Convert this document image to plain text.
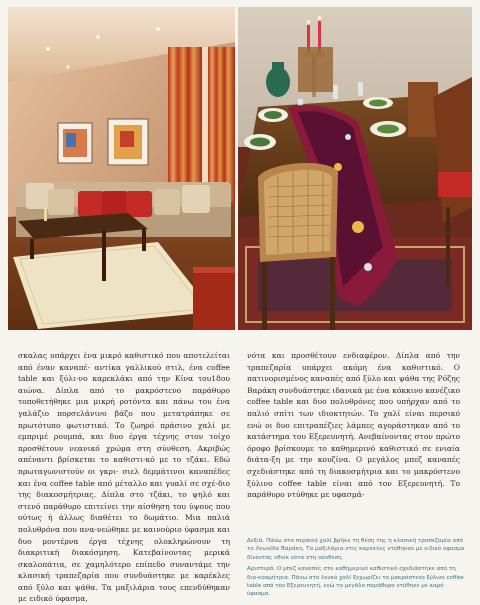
σκαλας υπάρχει ένα μικρό καθιστικό που αποτελείται από έναν καναπέ- αντίκα γαλλικού στιλ, ένα coffee table και ξύλι-νο καρεκλάκι από την Κίνα του18ου αιώνα. Δίπλα από το μακρόστενο παράθυρο τοποθετήθηκε μια μικρή ροτόντα και πάνω του ένα γαλάζιο πορσελάνινο βάζο που μετατράπηκε σε πρωτότυπο φωτιστικό. Το ζωηρό πράσινο χαλί με εμπριμέ ρουμπά, και δυο έργα τέχνης στον τοίχο προσθέτουν νεανικό χρώμα στη σύνθεση. Ακριβώς απέναντι βρίσκεται το καθιστι-κό με το τζάκι. Εδώ πρωταγωνιστούν οι γκρι- σιελ δερμάτινοι καναπέδες και ένα coffee table από μέταλλο και γυαλί σε σχέ-διο της διακοσμήτριας. Δίπλα στο τζάκι, το ψηλό και στενό παράθυρο επιτείνει την αίσθηση του ύψους που ούτως ή άλλως διαθέτει το δωμάτιο. Μια παλιά πολυθρόνα που ανα-νεώθηκε με καινούριο ύφασμα και δυο μοντέρνα έργα τέχνης ολοκληρώνουν τη διακριτική διακόσμηση. Κατεβαίνοντας μερικά σκαλοπάτια, σε χαμηλότερο επίπεδο συναντάμε την κλασική τραπεζαρία που συνδυάστηκε με καρέκλες από ξύλο και ψάθα. Τα μαξιλάρια τους επενδύθηκαν με ειδικό ύφασμα,
νότα και προσθέτουν ενδιαφέρον. Δίπλα από την τραπεζαρία υπάρχει ακόμη ένα καθιστικό. Ο πατινορισμένος καναπές από ξύλο και ψάθα της Ρόζης Βαράκη συνδυάστηκε ιδανικά με ένα κόκκινο κανέζικο coffee table και δυο πολυθρόνες που υπήρχαν από το παλιό σπίτι των ιδιοκτητών. Το χαλί είναι περσικό ενώ οι δυο επιτραπέζιες λάμπες αγοράστηκαν από το κατάστημα του Εξερευνητή. Ανεβαίνοντας στον πρώτο όροφο βρίσκουμε το καθημερινό καθιστικό σε ενιαία διάτα-ξη με την κουζίνα. Ο μεγάλος μπεζ καναπές σχεδιάστηκε από τη διακοσμήτρια και το μακρόστενο ξύλινο coffee table είναι από τον Εξερευνητή. Το παράθυρο ντύθηκε με υφασμά-

Δεξιά. Πάνω στο περσικό χαλί βρήκε τη θέση της η κλασική τραπεζαρία από το Λεωνίδα Βαράκη. Τα μαξιλάρια στις καρέκλες ντύθηκαν με ειδικό ύφασμα δίνοντας εθνίκ νότα στη σύνθεση.

Αριστερά. Ο μπεζ καναπές στο καθημερινό καθιστικό σχεδιάστηκε από τη δια-κοσμήτρια. Πάνω στο λευκό χαλί ξεχωρίζει το μακρόστενο ξύλινο coffee table από τον Εξερευνητή, ενώ το μεγάλο παράθυρο ντύθηκε με καρό ύφασμα.
